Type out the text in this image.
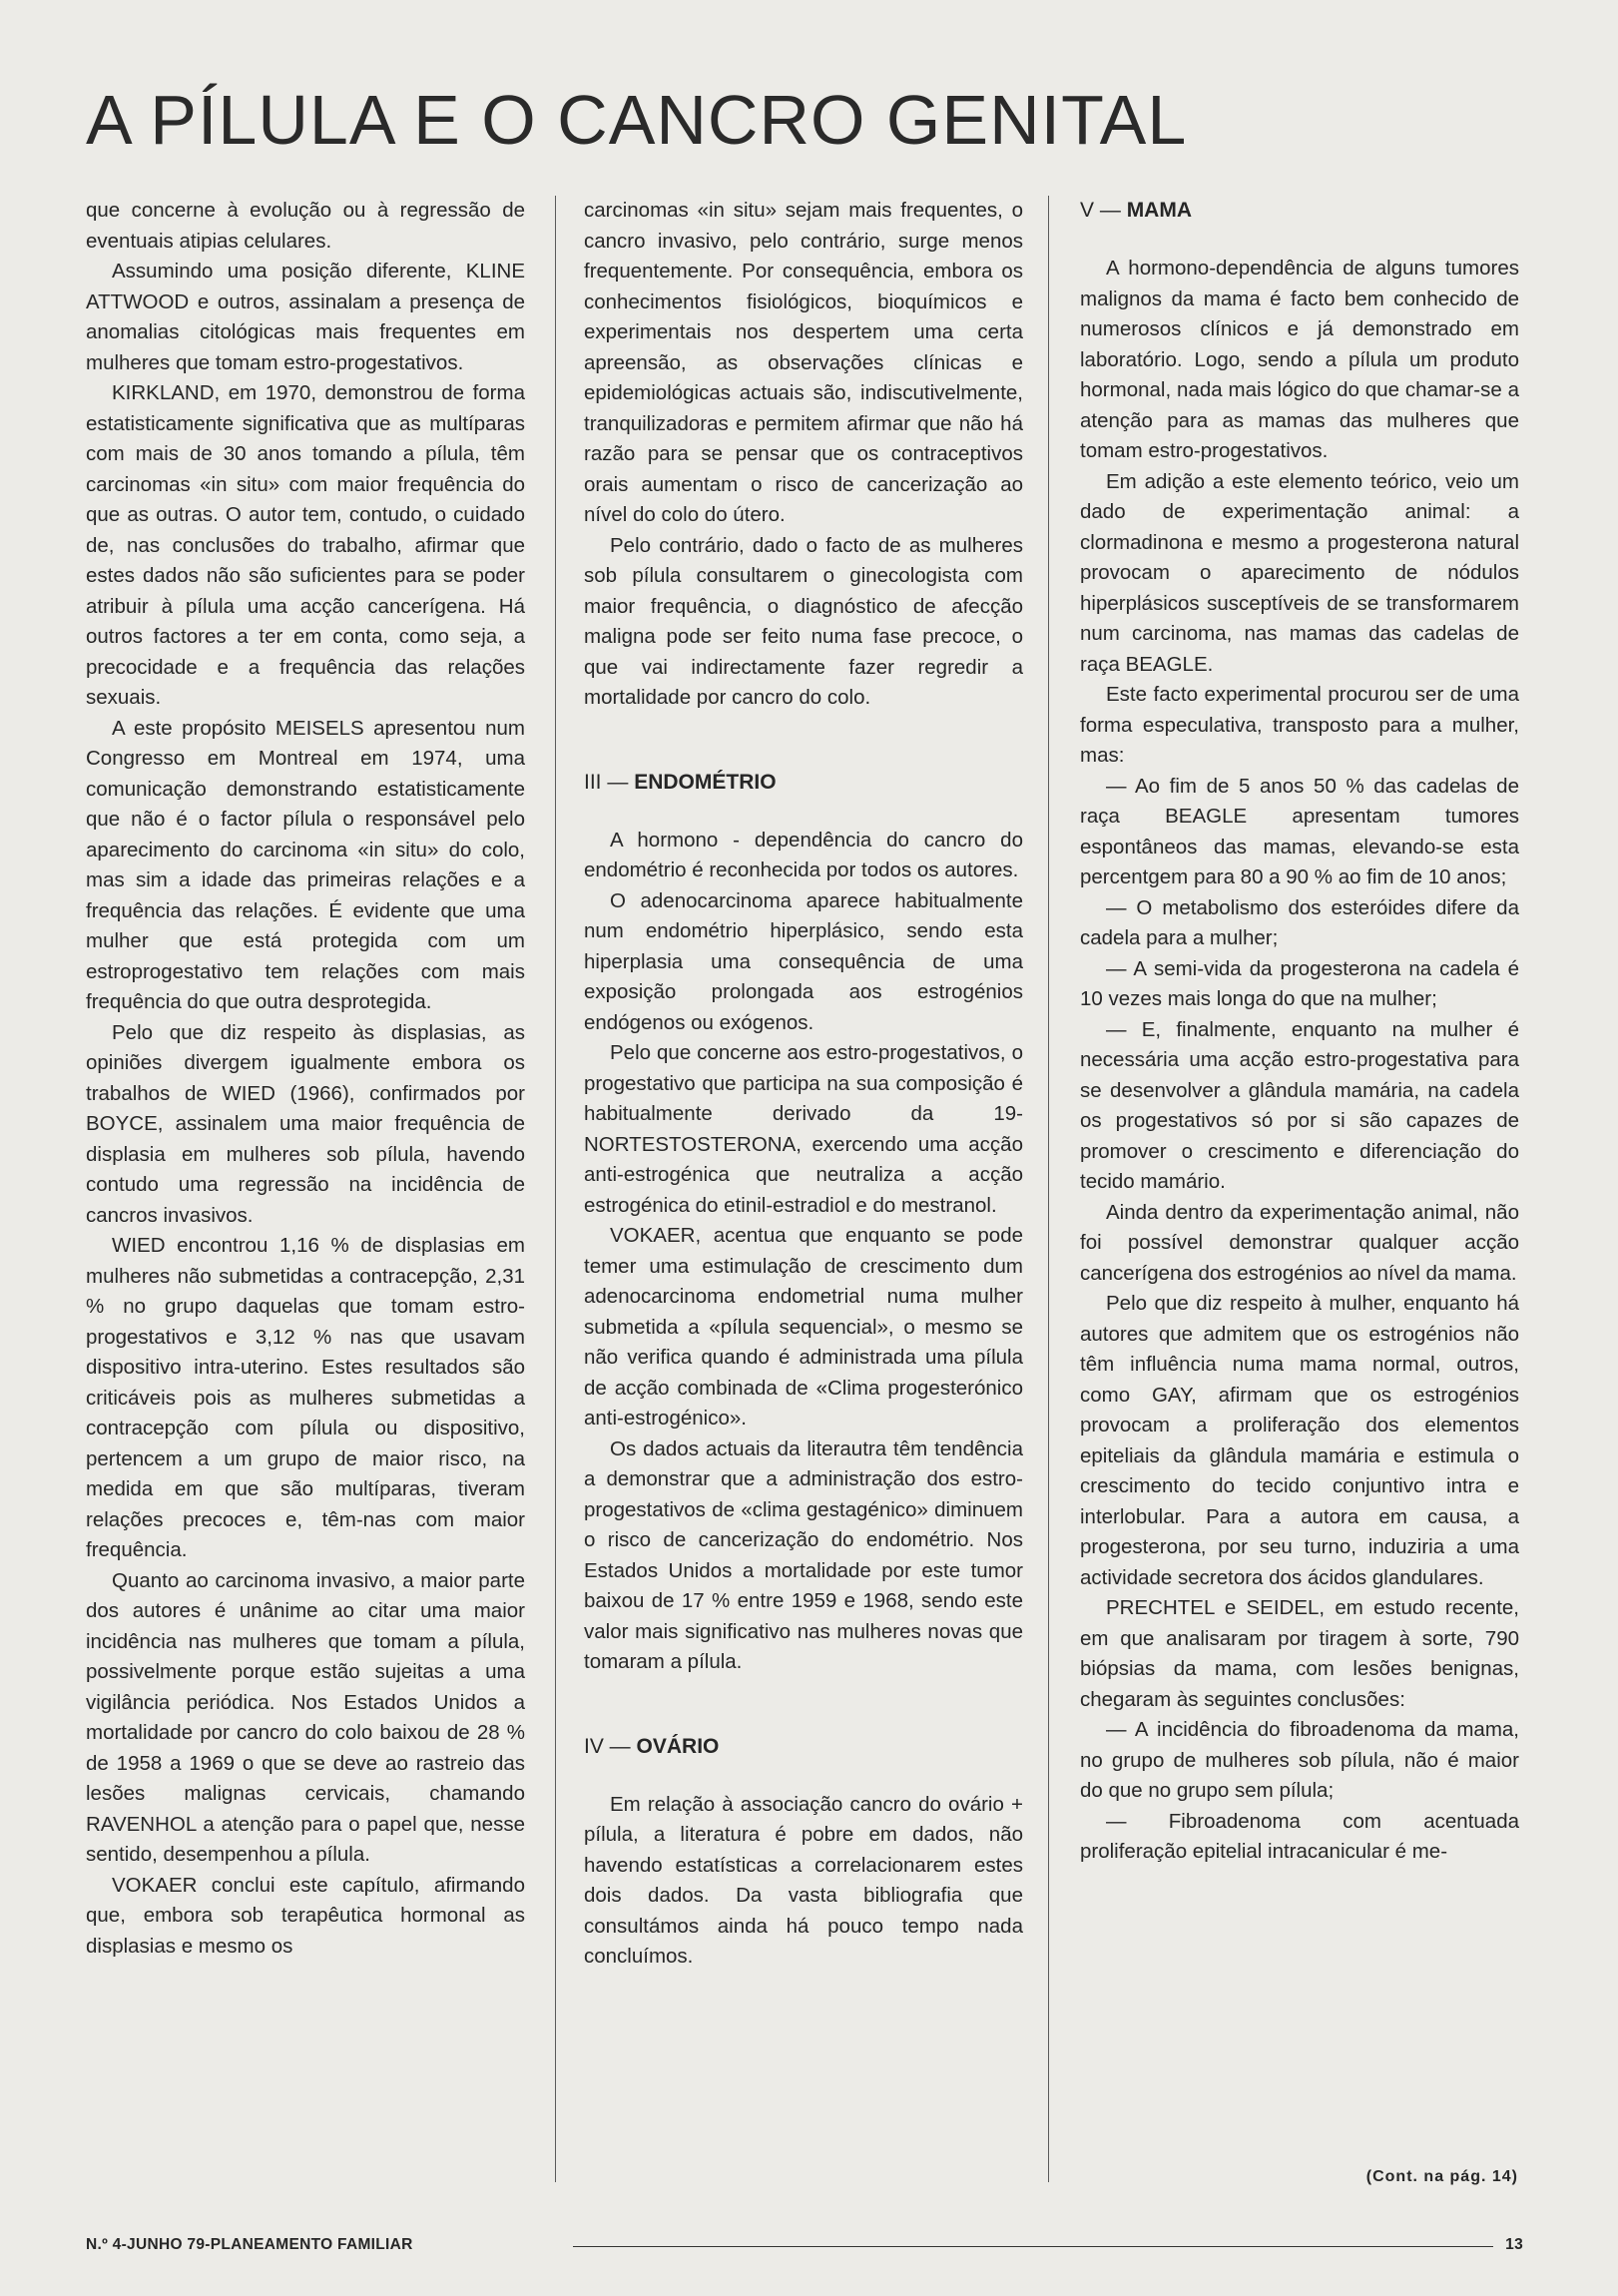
A PÍLULA E O CANCRO GENITAL

que concerne à evolução ou à regressão de eventuais atipias celulares.

Assumindo uma posição diferente, KLINE ATTWOOD e outros, assinalam a presença de anomalias citológicas mais frequentes em mulheres que tomam estro-progestativos.

KIRKLAND, em 1970, demonstrou de forma estatisticamente significativa que as multíparas com mais de 30 anos tomando a pílula, têm carcinomas «in situ» com maior frequência do que as outras. O autor tem, contudo, o cuidado de, nas conclusões do trabalho, afirmar que estes dados não são suficientes para se poder atribuir à pílula uma acção cancerígena. Há outros factores a ter em conta, como seja, a precocidade e a frequência das relações sexuais.

A este propósito MEISELS apresentou num Congresso em Montreal em 1974, uma comunicação demonstrando estatisticamente que não é o factor pílula o responsável pelo aparecimento do carcinoma «in situ» do colo, mas sim a idade das primeiras relações e a frequência das relações. É evidente que uma mulher que está protegida com um estroprogestativo tem relações com mais frequência do que outra desprotegida.

Pelo que diz respeito às displasias, as opiniões divergem igualmente embora os trabalhos de WIED (1966), confirmados por BOYCE, assinalem uma maior frequência de displasia em mulheres sob pílula, havendo contudo uma regressão na incidência de cancros invasivos.

WIED encontrou 1,16 % de displasias em mulheres não submetidas a contracepção, 2,31 % no grupo daquelas que tomam estro-progestativos e 3,12 % nas que usavam dispositivo intra-uterino. Estes resultados são criticáveis pois as mulheres submetidas a contracepção com pílula ou dispositivo, pertencem a um grupo de maior risco, na medida em que são multíparas, tiveram relações precoces e, têm-nas com maior frequência.

Quanto ao carcinoma invasivo, a maior parte dos autores é unânime ao citar uma maior incidência nas mulheres que tomam a pílula, possivelmente porque estão sujeitas a uma vigilância periódica. Nos Estados Unidos a mortalidade por cancro do colo baixou de 28 % de 1958 a 1969 o que se deve ao rastreio das lesões malignas cervicais, chamando RAVENHOL a atenção para o papel que, nesse sentido, desempenhou a pílula.

VOKAER conclui este capítulo, afirmando que, embora sob terapêutica hormonal as displasias e mesmo os

carcinomas «in situ» sejam mais frequentes, o cancro invasivo, pelo contrário, surge menos frequentemente. Por consequência, embora os conhecimentos fisiológicos, bioquímicos e experimentais nos despertem uma certa apreensão, as observações clínicas e epidemiológicas actuais são, indiscutivelmente, tranquilizadoras e permitem afirmar que não há razão para se pensar que os contraceptivos orais aumentam o risco de cancerização ao nível do colo do útero.

Pelo contrário, dado o facto de as mulheres sob pílula consultarem o ginecologista com maior frequência, o diagnóstico de afecção maligna pode ser feito numa fase precoce, o que vai indirectamente fazer regredir a mortalidade por cancro do colo.

III — ENDOMÉTRIO

A hormono - dependência do cancro do endométrio é reconhecida por todos os autores.

O adenocarcinoma aparece habitualmente num endométrio hiperplásico, sendo esta hiperplasia uma consequência de uma exposição prolongada aos estrogénios endógenos ou exógenos.

Pelo que concerne aos estro-progestativos, o progestativo que participa na sua composição é habitualmente derivado da 19-NORTESTOSTERONA, exercendo uma acção anti-estrogénica que neutraliza a acção estrogénica do etinil-estradiol e do mestranol.

VOKAER, acentua que enquanto se pode temer uma estimulação de crescimento dum adenocarcinoma endometrial numa mulher submetida a «pílula sequencial», o mesmo se não verifica quando é administrada uma pílula de acção combinada de «Clima progesterónico anti-estrogénico».

Os dados actuais da literautra têm tendência a demonstrar que a administração dos estro-progestativos de «clima gestagénico» diminuem o risco de cancerização do endométrio. Nos Estados Unidos a mortalidade por este tumor baixou de 17 % entre 1959 e 1968, sendo este valor mais significativo nas mulheres novas que tomaram a pílula.

IV — OVÁRIO

Em relação à associação cancro do ovário + pílula, a literatura é pobre em dados, não havendo estatísticas a correlacionarem estes dois dados. Da vasta bibliografia que consultámos ainda há pouco tempo nada concluímos.

V — MAMA

A hormono-dependência de alguns tumores malignos da mama é facto bem conhecido de numerosos clínicos e já demonstrado em laboratório. Logo, sendo a pílula um produto hormonal, nada mais lógico do que chamar-se a atenção para as mamas das mulheres que tomam estro-progestativos.

Em adição a este elemento teórico, veio um dado de experimentação animal: a clormadinona e mesmo a progesterona natural provocam o aparecimento de nódulos hiperplásicos susceptíveis de se transformarem num carcinoma, nas mamas das cadelas de raça BEAGLE.

Este facto experimental procurou ser de uma forma especulativa, transposto para a mulher, mas:

— Ao fim de 5 anos 50 % das cadelas de raça BEAGLE apresentam tumores espontâneos das mamas, elevando-se esta percentgem para 80 a 90 % ao fim de 10 anos;

— O metabolismo dos esteróides difere da cadela para a mulher;

— A semi-vida da progesterona na cadela é 10 vezes mais longa do que na mulher;

— E, finalmente, enquanto na mulher é necessária uma acção estro-progestativa para se desenvolver a glândula mamária, na cadela os progestativos só por si são capazes de promover o crescimento e diferenciação do tecido mamário.

Ainda dentro da experimentação animal, não foi possível demonstrar qualquer acção cancerígena dos estrogénios ao nível da mama.

Pelo que diz respeito à mulher, enquanto há autores que admitem que os estrogénios não têm influência numa mama normal, outros, como GAY, afirmam que os estrogénios provocam a proliferação dos elementos epiteliais da glândula mamária e estimula o crescimento do tecido conjuntivo intra e interlobular. Para a autora em causa, a progesterona, por seu turno, induziria a uma actividade secretora dos ácidos glandulares.

PRECHTEL e SEIDEL, em estudo recente, em que analisaram por tiragem à sorte, 790 biópsias da mama, com lesões benignas, chegaram às seguintes conclusões:

— A incidência do fibroadenoma da mama, no grupo de mulheres sob pílula, não é maior do que no grupo sem pílula;

— Fibroadenoma com acentuada proliferação epitelial intracanicular é me-

(Cont. na pág. 14)
N.º 4-JUNHO 79-PLANEAMENTO FAMILIAR	13
